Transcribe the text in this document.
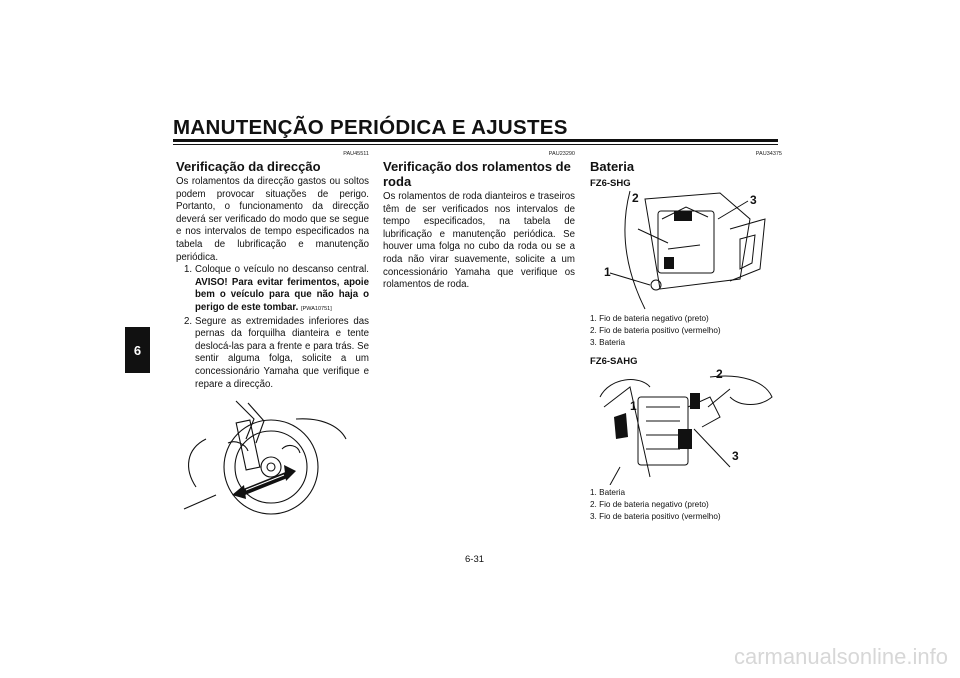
MANUTENÇÃO PERIÓDICA E AJUSTES
6
PAU45511
Verificação da direcção

Os rolamentos da direcção gastos ou soltos podem provocar situações de perigo. Portanto, o funcionamento da direcção deverá ser verificado do modo que se segue e nos intervalos de tempo especificados na tabela de lubrificação e manutenção periódica.

1. Coloque o veículo no descanso central. AVISO! Para evitar ferimentos, apoie bem o veículo para que não haja o perigo de este tombar. [PWA10751]
2. Segure as extremidades inferiores das pernas da forquilha dianteira e tente deslocá-las para a frente e para trás. Se sentir alguma folga, solicite a um concessionário Yamaha que verifique e repare a direcção.
PAU23290
Verificação dos rolamentos de roda

Os rolamentos de roda dianteiros e traseiros têm de ser verificados nos intervalos de tempo especificados, na tabela de lubrificação e manutenção periódica. Se houver uma folga no cubo da roda ou se a roda não virar suavemente, solicite a um concessionário Yamaha que verifique os rolamentos de roda.

PAU34375
Bateria
FZ6-SHG
1
2	3
1. Fio de bateria negativo (preto)
2. Fio de bateria positivo (vermelho)
3. Bateria
FZ6-SAHG
1
2
3
1. Bateria
2. Fio de bateria negativo (preto)
3. Fio de bateria positivo (vermelho)
6-31
carmanualsonline.info
